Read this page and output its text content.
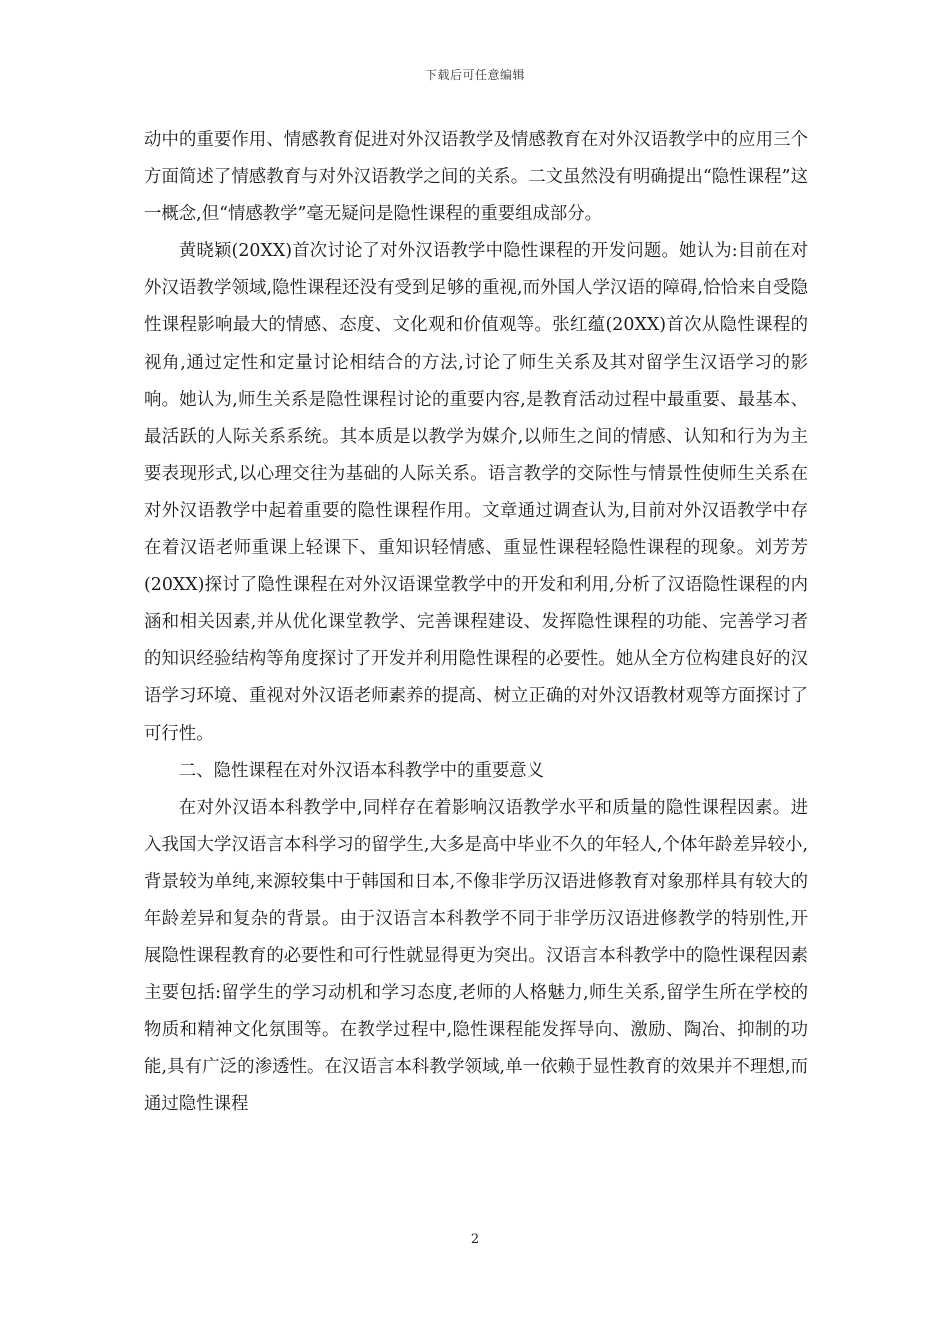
下载后可任意编辑

动中的重要作用、情感教育促进对外汉语教学及情感教育在对外汉语教学中的应用三个方面简述了情感教育与对外汉语教学之间的关系。二文虽然没有明确提出“隐性课程”这一概念,但“情感教学”毫无疑问是隐性课程的重要组成部分。

黄晓颖(20XX)首次讨论了对外汉语教学中隐性课程的开发问题。她认为:目前在对外汉语教学领域,隐性课程还没有受到足够的重视,而外国人学汉语的障碍,恰恰来自受隐性课程影响最大的情感、态度、文化观和价值观等。张红蕴(20XX)首次从隐性课程的视角,通过定性和定量讨论相结合的方法,讨论了师生关系及其对留学生汉语学习的影响。她认为,师生关系是隐性课程讨论的重要内容,是教育活动过程中最重要、最基本、最活跃的人际关系系统。其本质是以教学为媒介,以师生之间的情感、认知和行为为主要表现形式,以心理交往为基础的人际关系。语言教学的交际性与情景性使师生关系在对外汉语教学中起着重要的隐性课程作用。文章通过调查认为,目前对外汉语教学中存在着汉语老师重课上轻课下、重知识轻情感、重显性课程轻隐性课程的现象。刘芳芳(20XX)探讨了隐性课程在对外汉语课堂教学中的开发和利用,分析了汉语隐性课程的内涵和相关因素,并从优化课堂教学、完善课程建设、发挥隐性课程的功能、完善学习者的知识经验结构等角度探讨了开发并利用隐性课程的必要性。她从全方位构建良好的汉语学习环境、重视对外汉语老师素养的提高、树立正确的对外汉语教材观等方面探讨了可行性。

二、隐性课程在对外汉语本科教学中的重要意义

在对外汉语本科教学中,同样存在着影响汉语教学水平和质量的隐性课程因素。进入我国大学汉语言本科学习的留学生,大多是高中毕业不久的年轻人,个体年龄差异较小,背景较为单纯,来源较集中于韩国和日本,不像非学历汉语进修教育对象那样具有较大的年龄差异和复杂的背景。由于汉语言本科教学不同于非学历汉语进修教学的特别性,开展隐性课程教育的必要性和可行性就显得更为突出。汉语言本科教学中的隐性课程因素主要包括:留学生的学习动机和学习态度,老师的人格魅力,师生关系,留学生所在学校的物质和精神文化氛围等。在教学过程中,隐性课程能发挥导向、激励、陶冶、抑制的功能,具有广泛的渗透性。在汉语言本科教学领域,单一依赖于显性教育的效果并不理想,而通过隐性课程

2
